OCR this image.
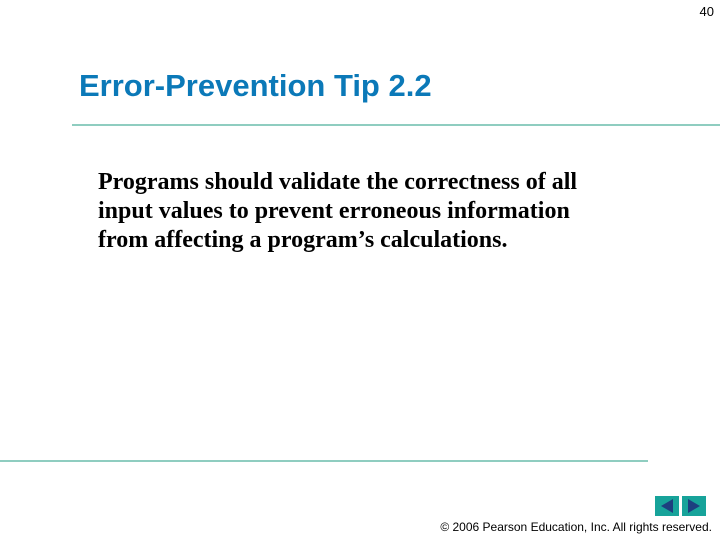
40
Error-Prevention Tip 2.2

Programs should validate the correctness of all
input values to prevent erroneous information
from affecting a program’s calculations.

© 2006 Pearson Education, Inc. All rights reserved.
